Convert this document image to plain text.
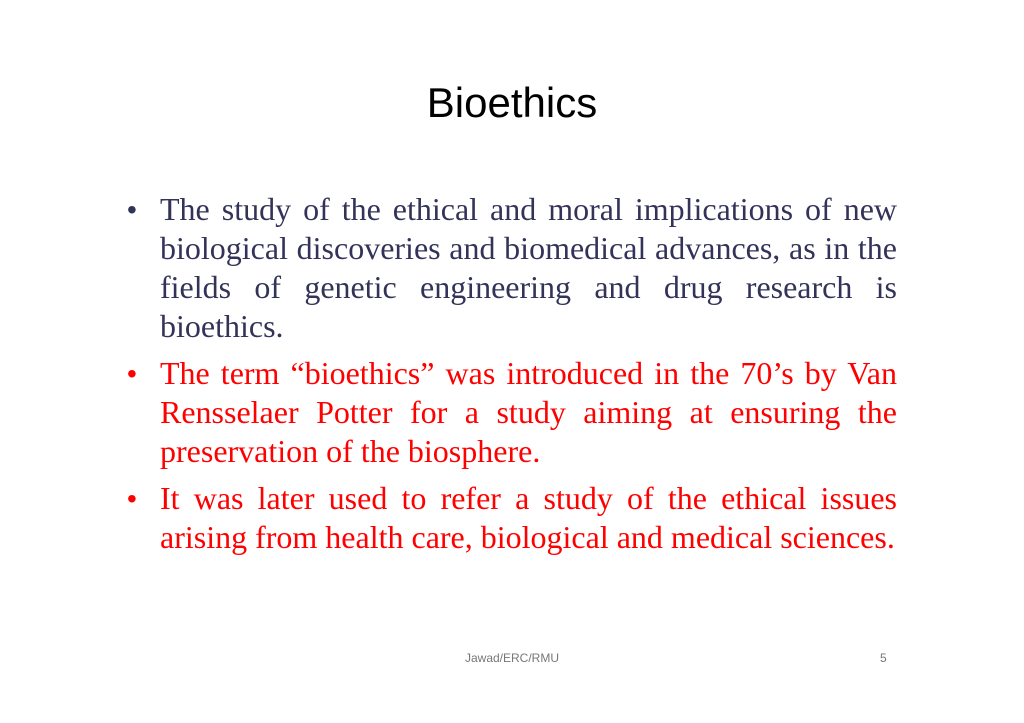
Bioethics
• The study of the ethical and moral implications of new biological discoveries and biomedical advances, as in the fields of genetic engineering and drug research is bioethics.
• The term “bioethics” was introduced in the 70’s by Van Rensselaer Potter for a study aiming at ensuring the preservation of the biosphere.
• It was later used to refer a study of the ethical issues arising from health care, biological and medical sciences.
Jawad/ERC/RMU	5
